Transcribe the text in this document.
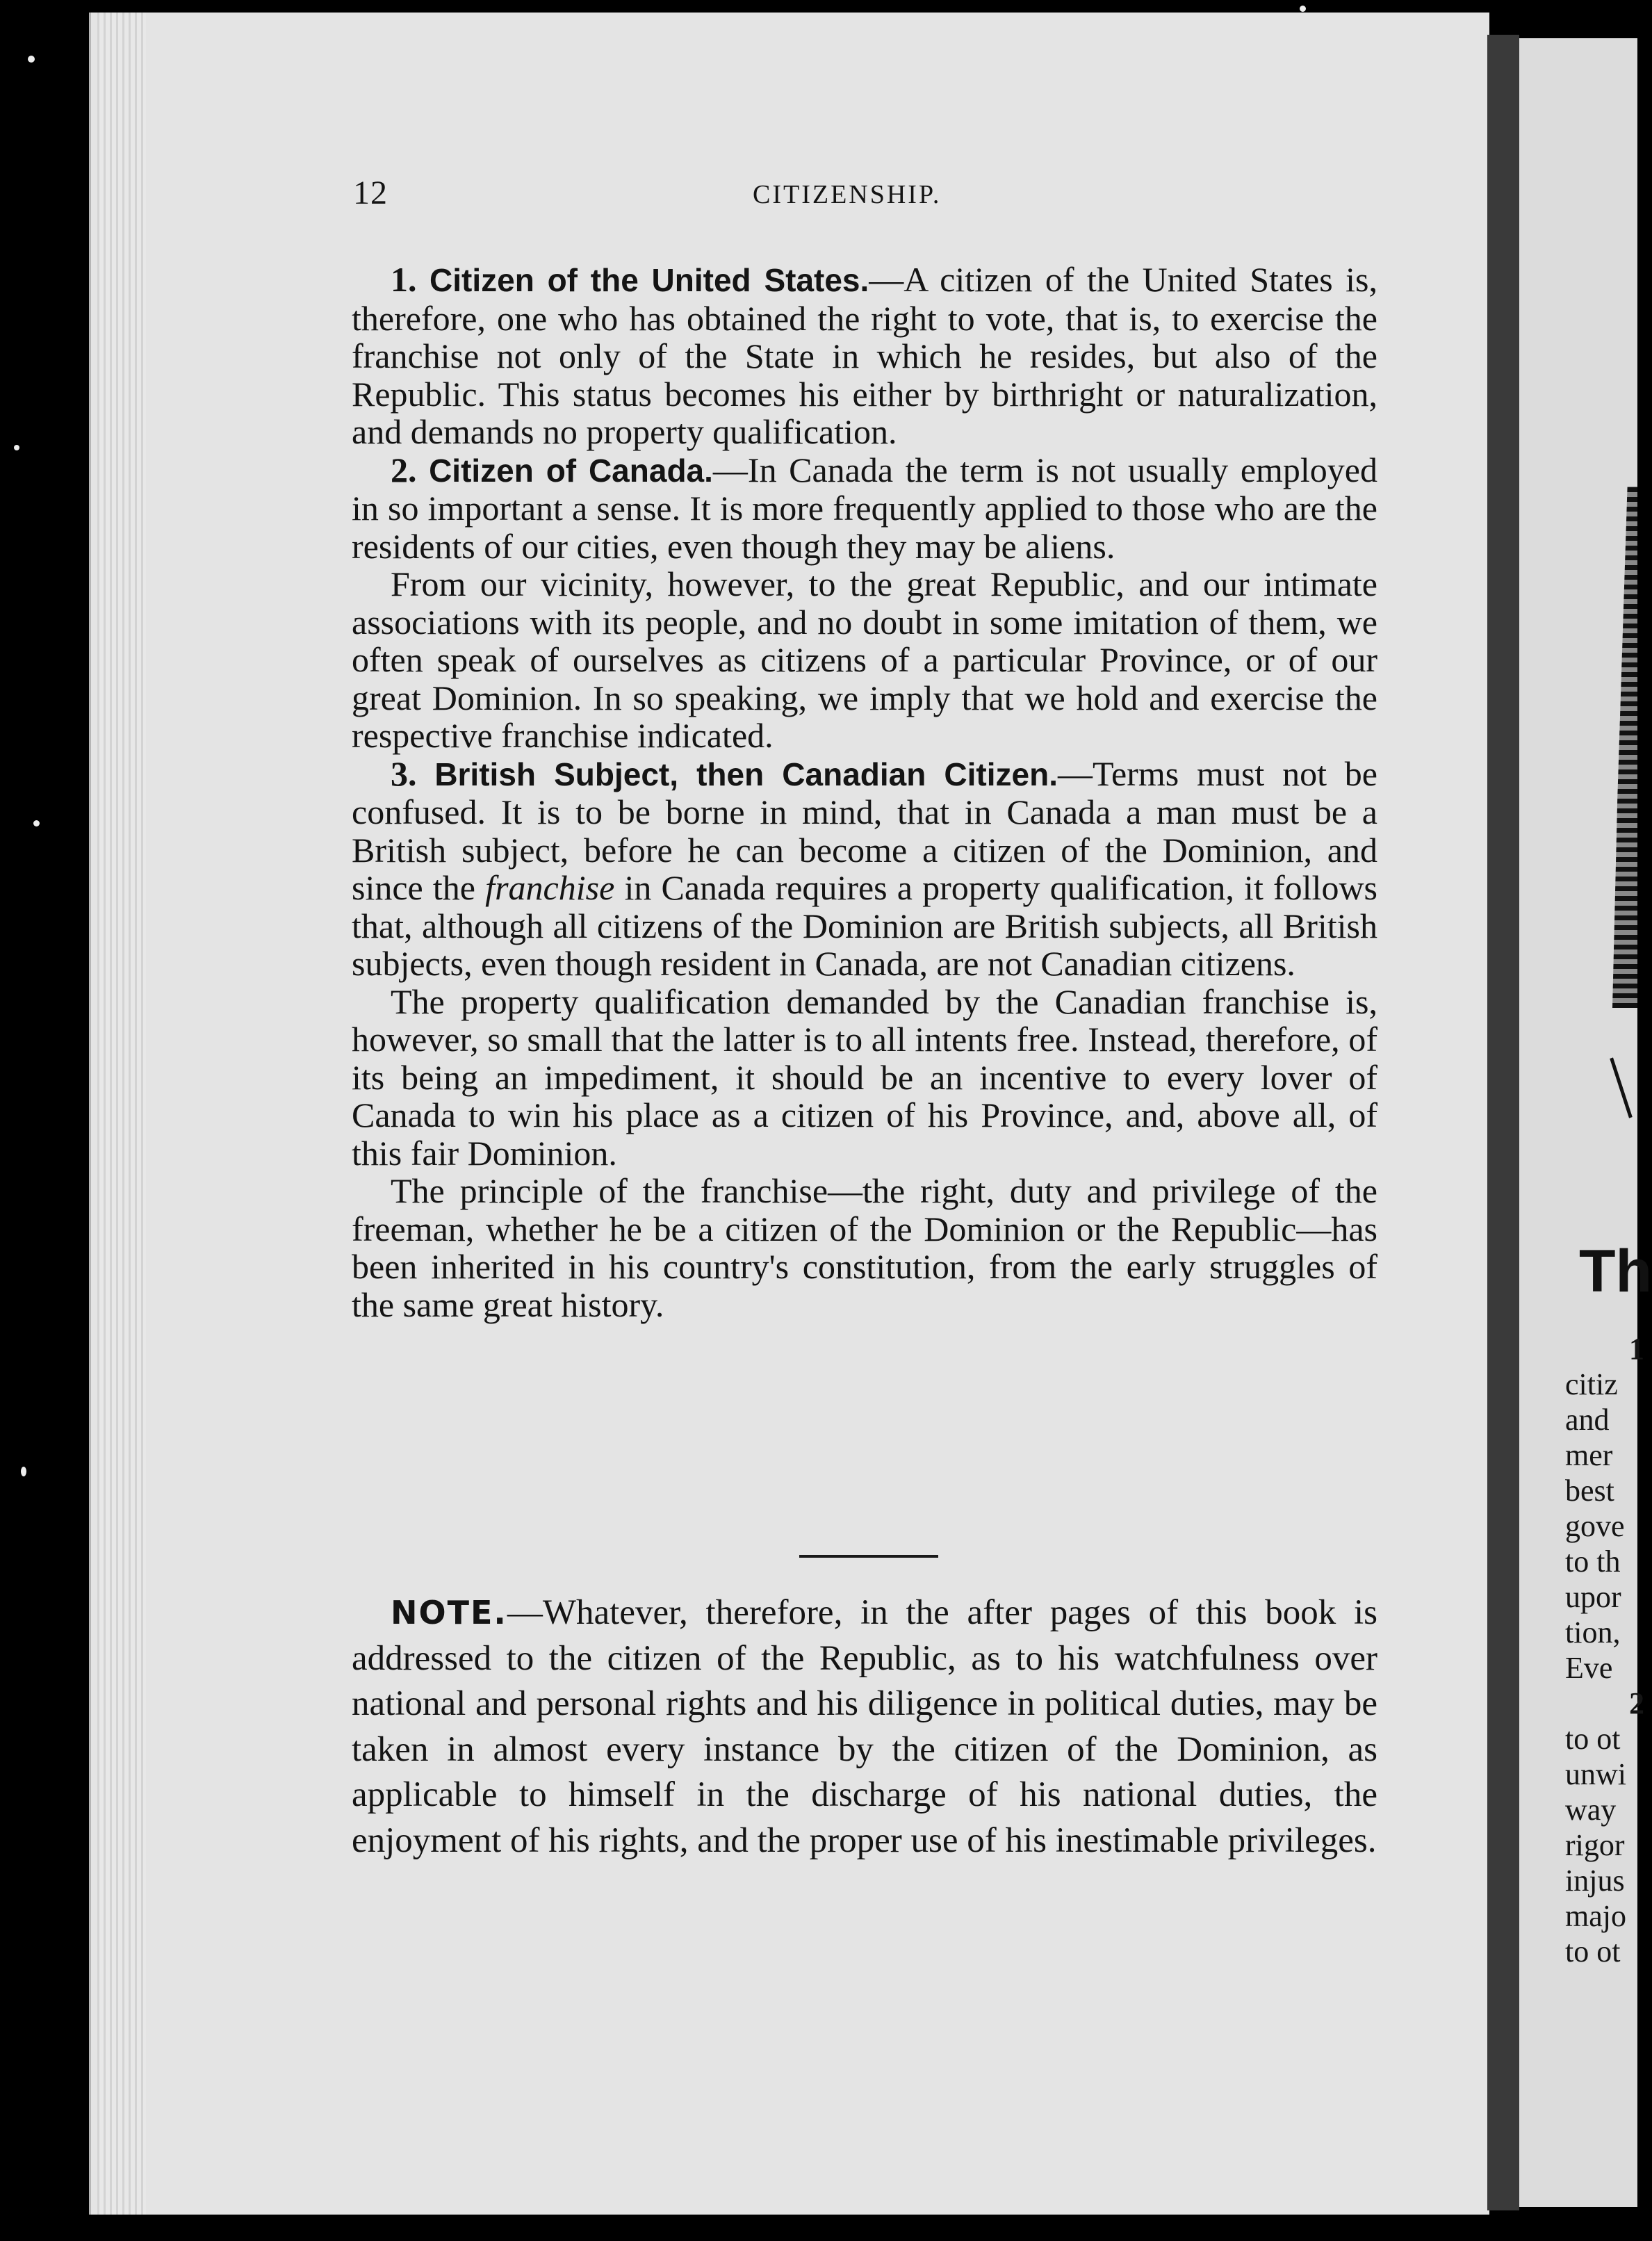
Th
1
citiz
and
mer
best
gove
to th
upor
tion,
Eve
2
to ot
unwi
way
rigor
injus
majo
to ot
12	CITIZENSHIP.
1. Citizen of the United States.—A citizen of the United States is, therefore, one who has obtained the right to vote, that is, to exercise the franchise not only of the State in which he resides, but also of the Republic. This status becomes his either by birthright or naturalization, and demands no property qualification.
2. Citizen of Canada.—In Canada the term is not usually employed in so important a sense. It is more frequently applied to those who are the residents of our cities, even though they may be aliens.
From our vicinity, however, to the great Republic, and our intimate associations with its people, and no doubt in some imitation of them, we often speak of ourselves as citizens of a particular Province, or of our great Dominion. In so speaking, we imply that we hold and exercise the respective franchise indicated.
3. British Subject, then Canadian Citizen.—Terms must not be confused. It is to be borne in mind, that in Canada a man must be a British subject, before he can become a citizen of the Dominion, and since the franchise in Canada requires a property qualification, it follows that, although all citizens of the Dominion are British subjects, all British subjects, even though resident in Canada, are not Canadian citizens.
The property qualification demanded by the Canadian franchise is, however, so small that the latter is to all intents free. Instead, therefore, of its being an impediment, it should be an incentive to every lover of Canada to win his place as a citizen of his Province, and, above all, of this fair Dominion.
The principle of the franchise—the right, duty and privilege of the freeman, whether he be a citizen of the Dominion or the Republic—has been inherited in his country's constitution, from the early struggles of the same great history.
NOTE.—Whatever, therefore, in the after pages of this book is addressed to the citizen of the Republic, as to his watchfulness over national and personal rights and his diligence in political duties, may be taken in almost every instance by the citizen of the Dominion, as applicable to himself in the discharge of his national duties, the enjoyment of his rights, and the proper use of his inestimable privileges.
